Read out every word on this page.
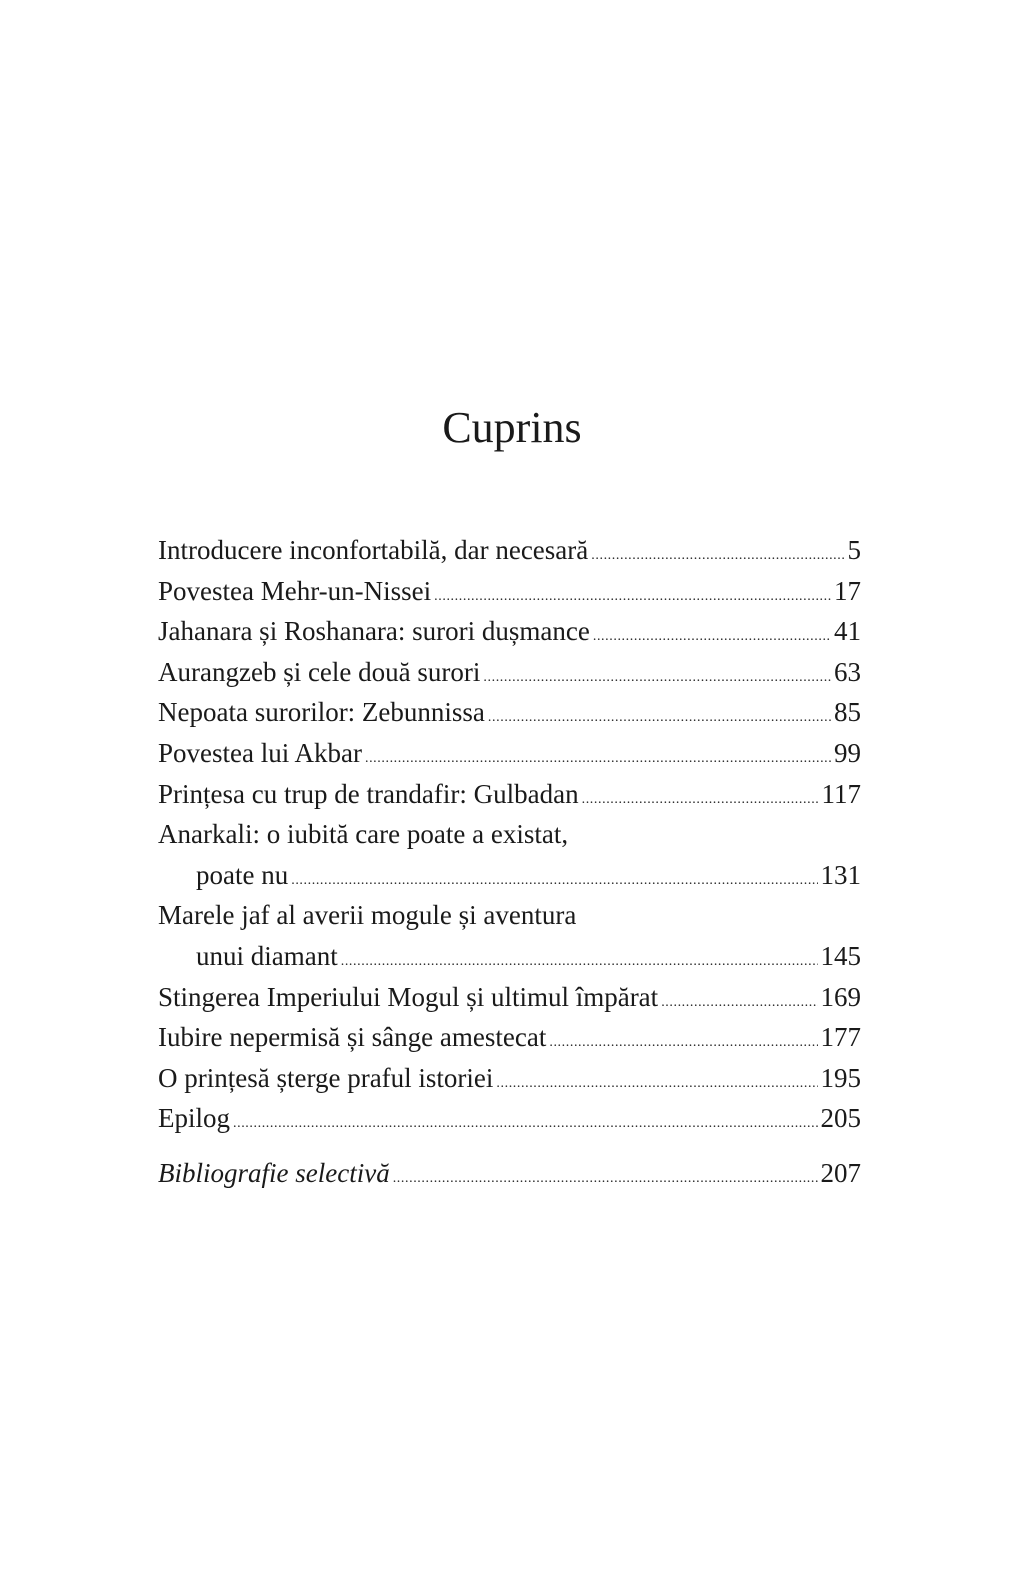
Cuprins
Introducere inconfortabilă, dar necesară .....	5
Povestea Mehr-un-Nissei .....	17
Jahanara și Roshanara: surori dușmance .....	41
Aurangzeb și cele două surori .....	63
Nepoata surorilor: Zebunnissa .....	85
Povestea lui Akbar .....	99
Prințesa cu trup de trandafir: Gulbadan .....	117
Anarkali: o iubită care poate a existat,
poate nu .....	131
Marele jaf al averii mogule și aventura
unui diamant .....	145
Stingerea Imperiului Mogul și ultimul împărat .....	169
Iubire nepermisă și sânge amestecat .....	177
O prințesă șterge praful istoriei .....	195
Epilog .....	205
Bibliografie selectivă .....	207
